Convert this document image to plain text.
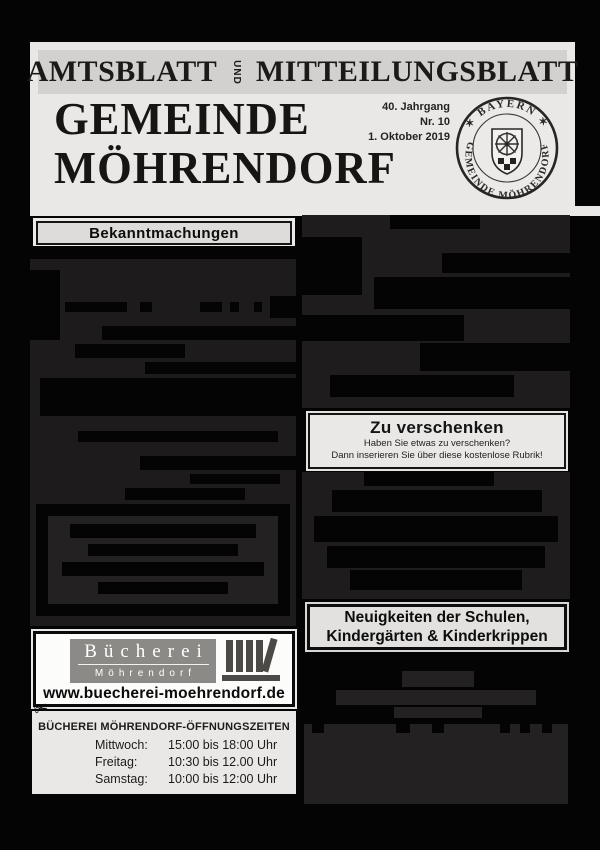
AMTSBLATT UND MITTEILUNGSBLATT
GEMEINDE
MÖHRENDORF
40. Jahrgang
Nr. 10
1. Oktober 2019
✶ BAYERN ✶
GEMEINDE MÖHRENDORF
Bekanntmachungen
Bücherei
Möhrendorf
www.buecherei-moehrendorf.de
✂
BÜCHEREI MÖHRENDORF-ÖFFNUNGSZEITEN
Mittwoch:	15:00 bis 18:00 Uhr
Freitag:	10:30 bis 12.00 Uhr
Samstag:	10:00 bis 12:00 Uhr
Zu verschenken
Haben Sie etwas zu verschenken?
Dann inserieren Sie über diese kostenlose Rubrik!
Neuigkeiten der Schulen,
Kindergärten & Kinderkrippen
